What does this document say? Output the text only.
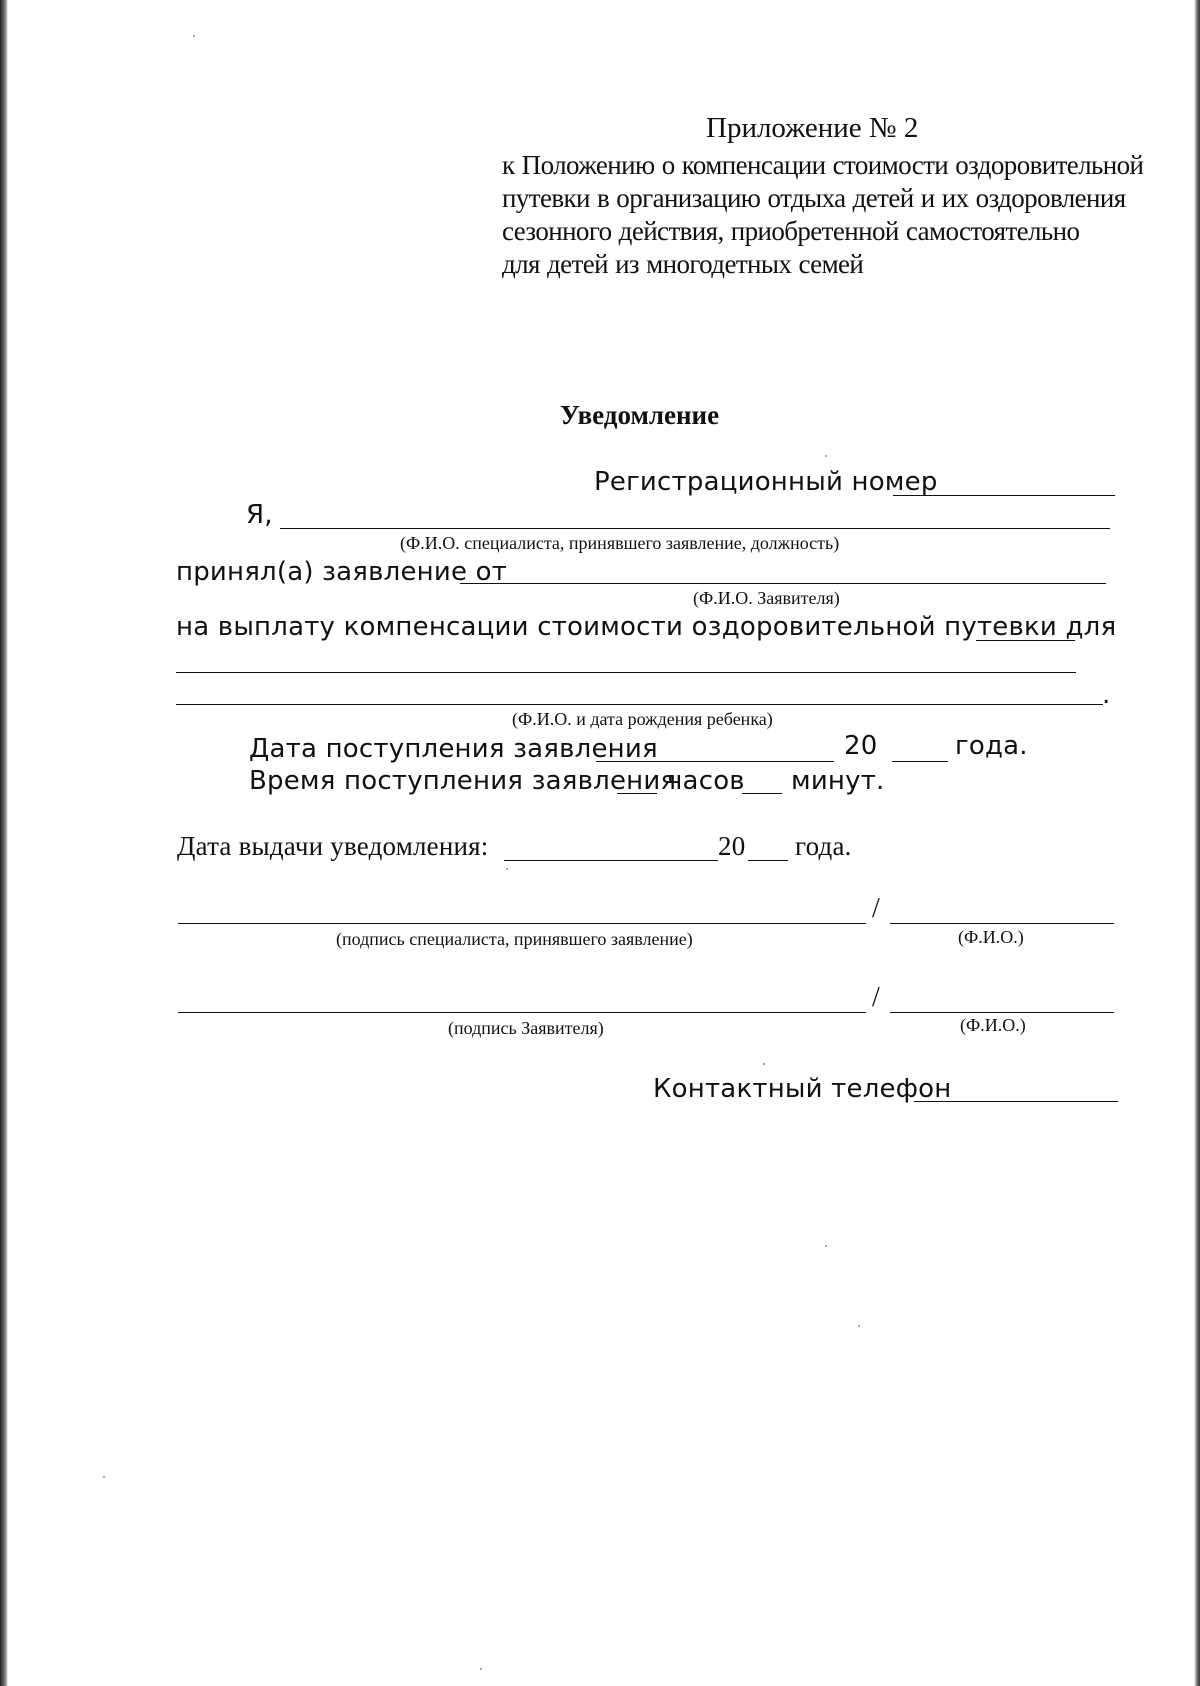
Приложение № 2
к Положению о компенсации стоимости оздоровительной
путевки в организацию отдыха детей и их оздоровления
сезонного действия, приобретенной самостоятельно
для детей из многодетных семей
Уведомление
Регистрационный номер
Я,
(Ф.И.О. специалиста, принявшего заявление, должность)
принял(а) заявление от
(Ф.И.О. Заявителя)
на выплату компенсации стоимости оздоровительной путевки для
.
(Ф.И.О. и дата рождения ребенка)
Дата поступления заявления	20	года.
Время поступления заявления
часов минут.
Дата выдачи уведомления:	20 года.
/
(подпись специалиста, принявшего заявление)	(Ф.И.О.)
/
(подпись Заявителя)	(Ф.И.О.)
Контактный телефон
